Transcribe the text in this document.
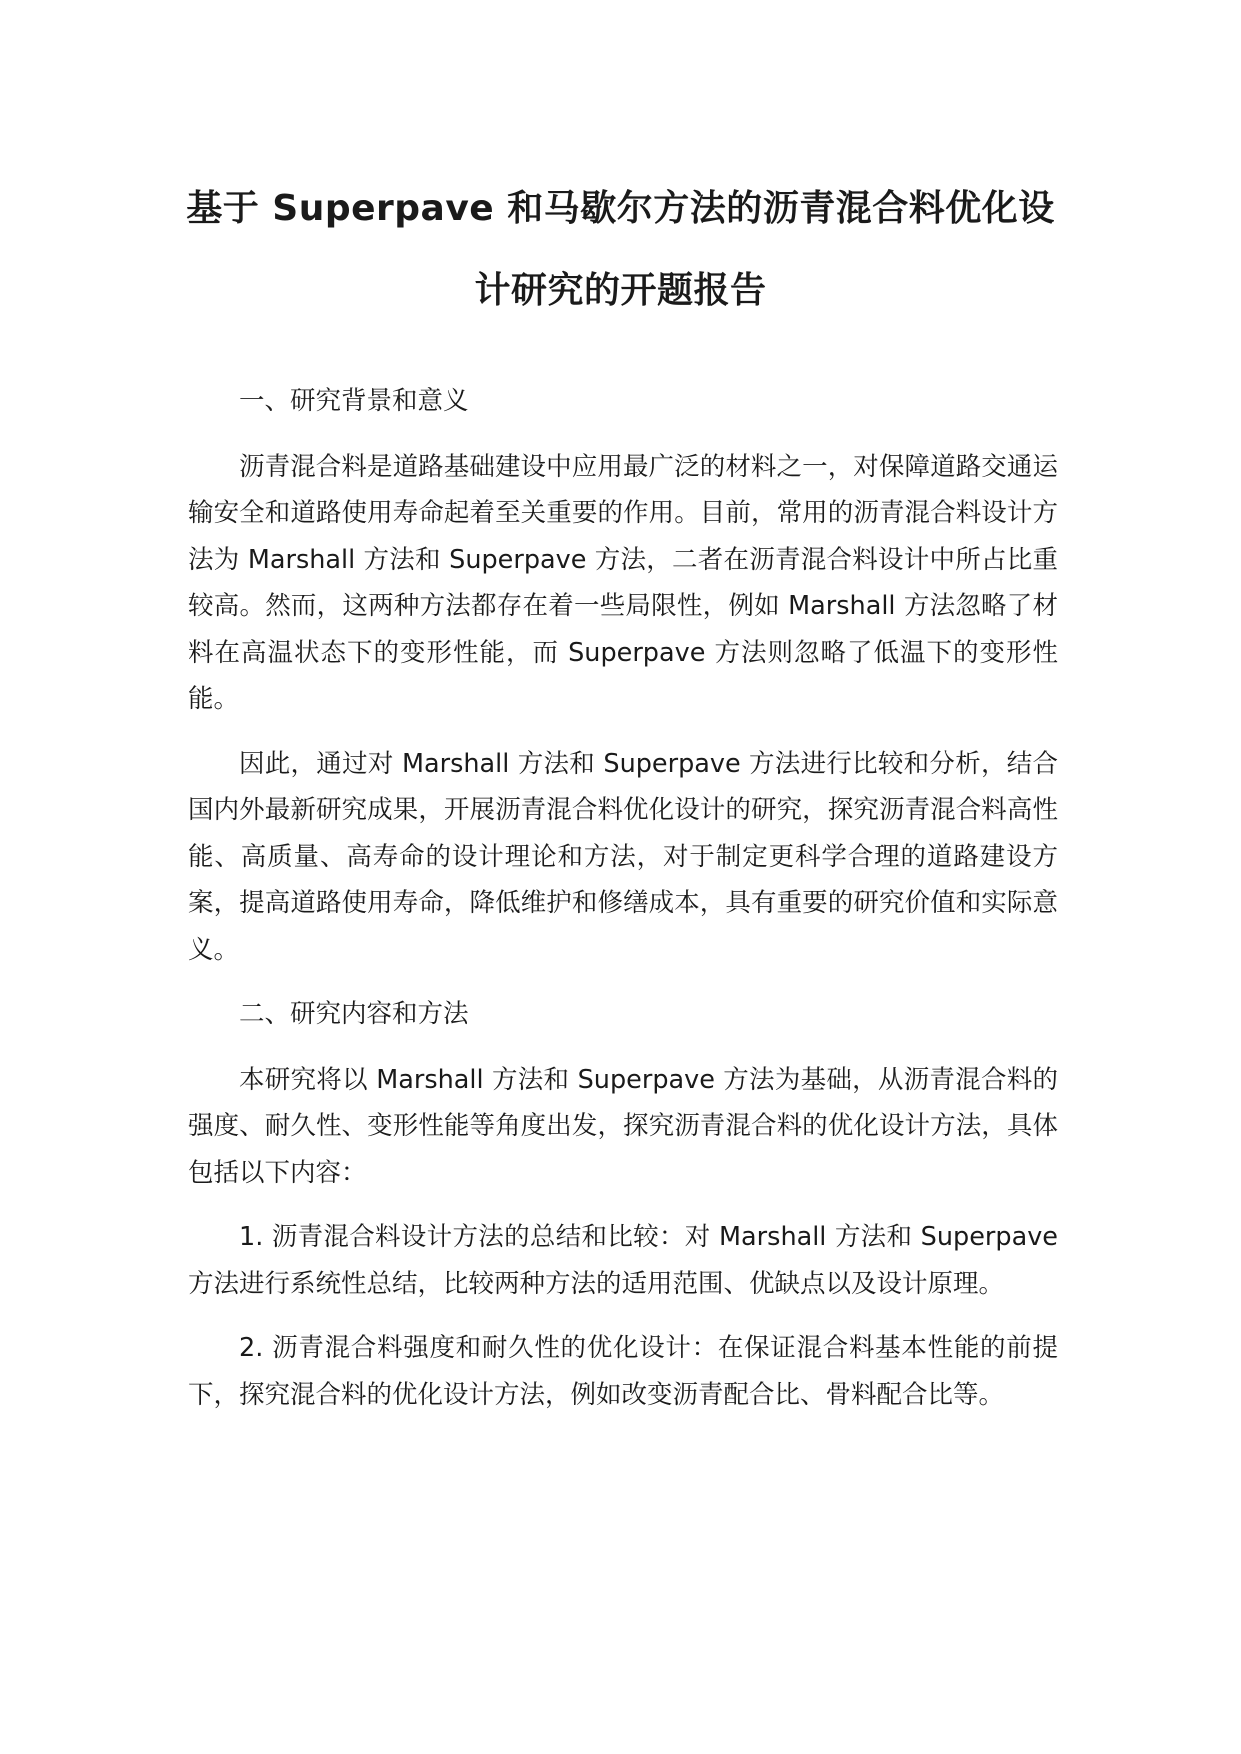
基于 Superpave 和马歇尔方法的沥青混合料优化设
计研究的开题报告

一、研究背景和意义

沥青混合料是道路基础建设中应用最广泛的材料之一，对保障道路交通运输安全和道路使用寿命起着至关重要的作用。目前，常用的沥青混合料设计方法为 Marshall 方法和 Superpave 方法，二者在沥青混合料设计中所占比重较高。然而，这两种方法都存在着一些局限性，例如 Marshall 方法忽略了材料在高温状态下的变形性能，而 Superpave 方法则忽略了低温下的变形性能。

因此，通过对 Marshall 方法和 Superpave 方法进行比较和分析，结合国内外最新研究成果，开展沥青混合料优化设计的研究，探究沥青混合料高性能、高质量、高寿命的设计理论和方法，对于制定更科学合理的道路建设方案，提高道路使用寿命，降低维护和修缮成本，具有重要的研究价值和实际意义。

二、研究内容和方法

本研究将以 Marshall 方法和 Superpave 方法为基础，从沥青混合料的强度、耐久性、变形性能等角度出发，探究沥青混合料的优化设计方法，具体包括以下内容：

1. 沥青混合料设计方法的总结和比较：对 Marshall 方法和 Superpave 方法进行系统性总结，比较两种方法的适用范围、优缺点以及设计原理。

2. 沥青混合料强度和耐久性的优化设计：在保证混合料基本性能的前提下，探究混合料的优化设计方法，例如改变沥青配合比、骨料配合比等。
